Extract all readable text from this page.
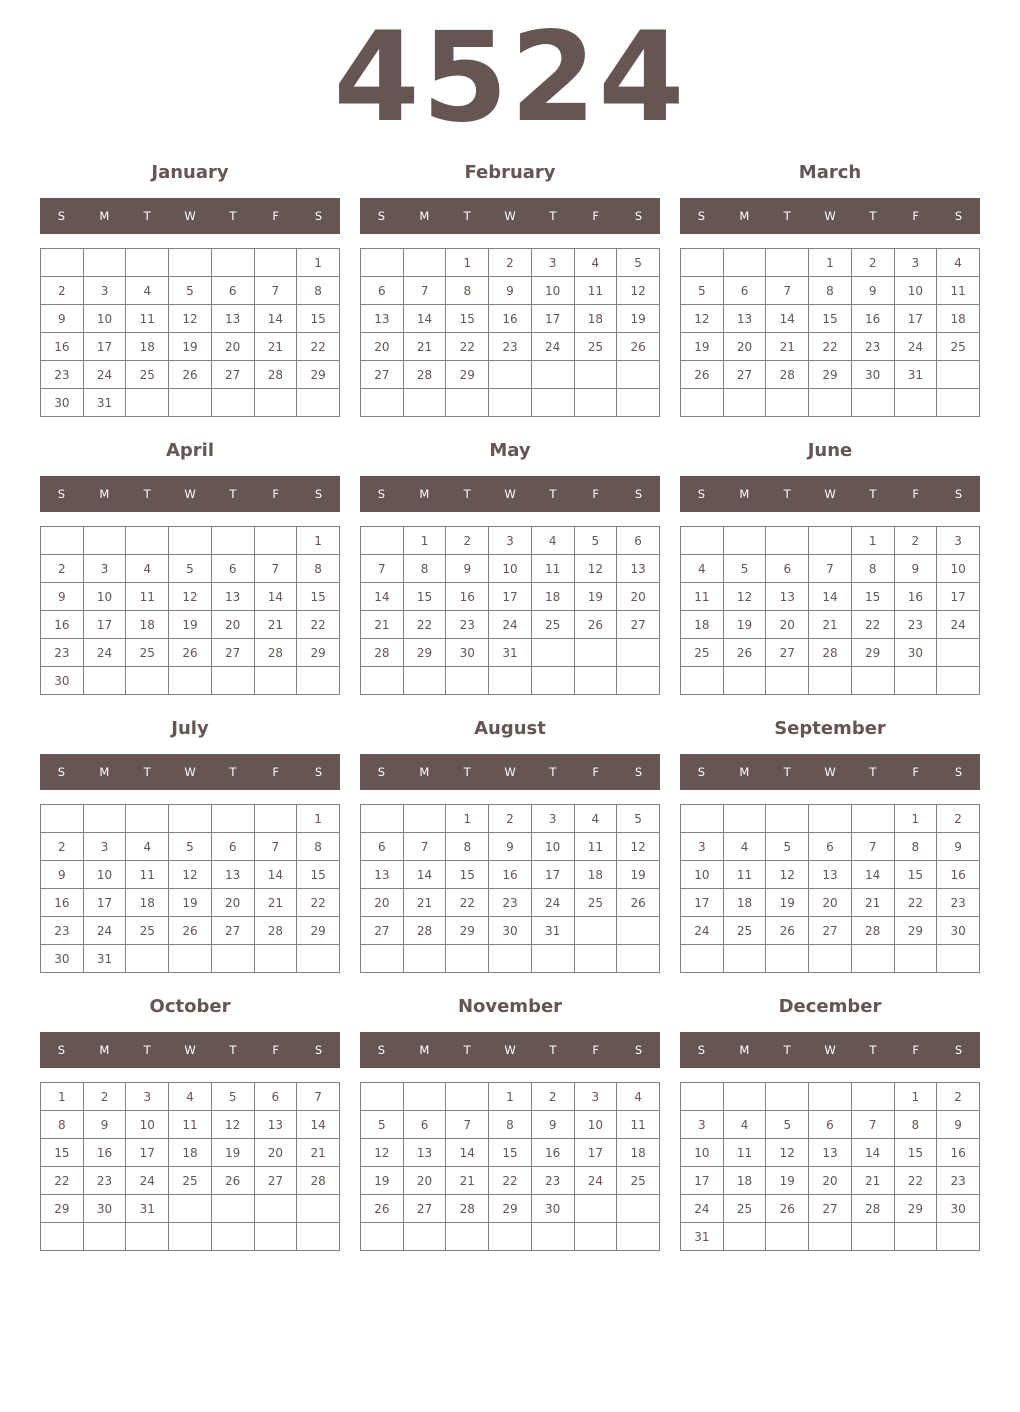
4524
January
S	M	T	W	T	F	S
						1
2	3	4	5	6	7	8
9	10	11	12	13	14	15
16	17	18	19	20	21	22
23	24	25	26	27	28	29
30	31					
February
S	M	T	W	T	F	S
		1	2	3	4	5
6	7	8	9	10	11	12
13	14	15	16	17	18	19
20	21	22	23	24	25	26
27	28	29				

March
S	M	T	W	T	F	S
			1	2	3	4
5	6	7	8	9	10	11
12	13	14	15	16	17	18
19	20	21	22	23	24	25
26	27	28	29	30	31	

April
S	M	T	W	T	F	S
						1
2	3	4	5	6	7	8
9	10	11	12	13	14	15
16	17	18	19	20	21	22
23	24	25	26	27	28	29
30						
May
S	M	T	W	T	F	S
	1	2	3	4	5	6
7	8	9	10	11	12	13
14	15	16	17	18	19	20
21	22	23	24	25	26	27
28	29	30	31			

June
S	M	T	W	T	F	S
				1	2	3
4	5	6	7	8	9	10
11	12	13	14	15	16	17
18	19	20	21	22	23	24
25	26	27	28	29	30	

July
S	M	T	W	T	F	S
						1
2	3	4	5	6	7	8
9	10	11	12	13	14	15
16	17	18	19	20	21	22
23	24	25	26	27	28	29
30	31					
August
S	M	T	W	T	F	S
		1	2	3	4	5
6	7	8	9	10	11	12
13	14	15	16	17	18	19
20	21	22	23	24	25	26
27	28	29	30	31		

September
S	M	T	W	T	F	S
					1	2
3	4	5	6	7	8	9
10	11	12	13	14	15	16
17	18	19	20	21	22	23
24	25	26	27	28	29	30

October
S	M	T	W	T	F	S
1	2	3	4	5	6	7
8	9	10	11	12	13	14
15	16	17	18	19	20	21
22	23	24	25	26	27	28
29	30	31				

November
S	M	T	W	T	F	S
			1	2	3	4
5	6	7	8	9	10	11
12	13	14	15	16	17	18
19	20	21	22	23	24	25
26	27	28	29	30		

December
S	M	T	W	T	F	S
					1	2
3	4	5	6	7	8	9
10	11	12	13	14	15	16
17	18	19	20	21	22	23
24	25	26	27	28	29	30
31						
